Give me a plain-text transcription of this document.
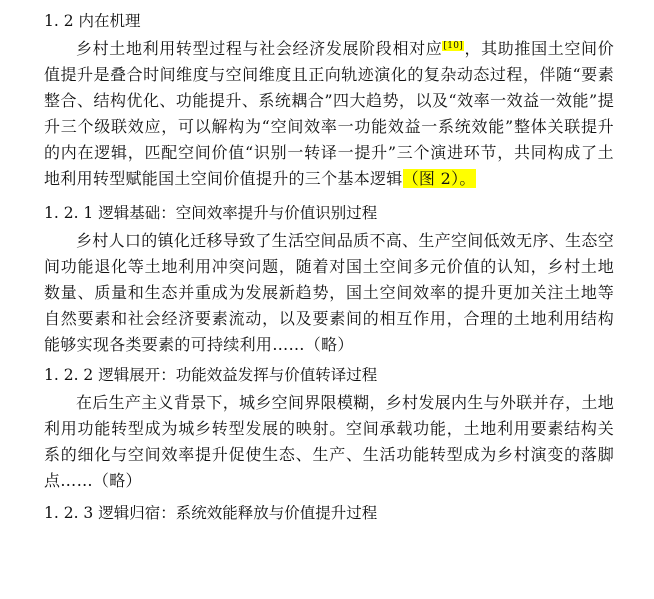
1. 2 内在机理
乡村土地利用转型过程与社会经济发展阶段相对应[10]，其助推国土空间价值提升是叠合时间维度与空间维度且正向轨迹演化的复杂动态过程，伴随“要素整合、结构优化、功能提升、系统耦合”四大趋势，以及“效率一效益一效能”提升三个级联效应，可以解构为“空间效率一功能效益一系统效能”整体关联提升的内在逻辑，匹配空间价值“识别一转译一提升”三个演进环节，共同构成了土地利用转型赋能国土空间价值提升的三个基本逻辑（图 2）。
1. 2. 1 逻辑基础：空间效率提升与价值识别过程
乡村人口的镇化迁移导致了生活空间品质不高、生产空间低效无序、生态空间功能退化等土地利用冲突问题，随着对国土空间多元价值的认知，乡村土地数量、质量和生态并重成为发展新趋势，国土空间效率的提升更加关注土地等自然要素和社会经济要素流动，以及要素间的相互作用，合理的土地利用结构能够实现各类要素的可持续利用……（略）
1. 2. 2 逻辑展开：功能效益发挥与价值转译过程
在后生产主义背景下，城乡空间界限模糊，乡村发展内生与外联并存，土地利用功能转型成为城乡转型发展的映射。空间承载功能，土地利用要素结构关系的细化与空间效率提升促使生态、生产、生活功能转型成为乡村演变的落脚点……（略）
1. 2. 3 逻辑归宿：系统效能释放与价值提升过程
